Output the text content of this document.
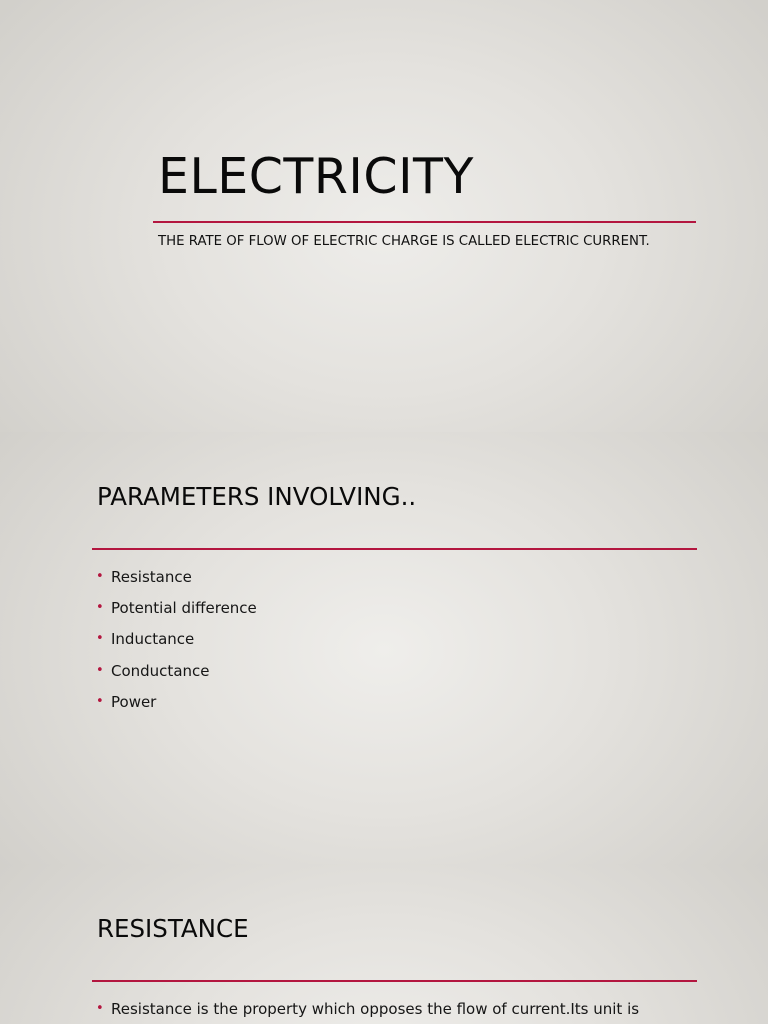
ELECTRICITY

THE RATE OF FLOW OF ELECTRIC CHARGE IS CALLED ELECTRIC CURRENT.

PARAMETERS INVOLVING..
• Resistance
• Potential difference
• Inductance
• Conductance
• Power
RESISTANCE
• Resistance is the property which opposes the flow of current.Its unit is
